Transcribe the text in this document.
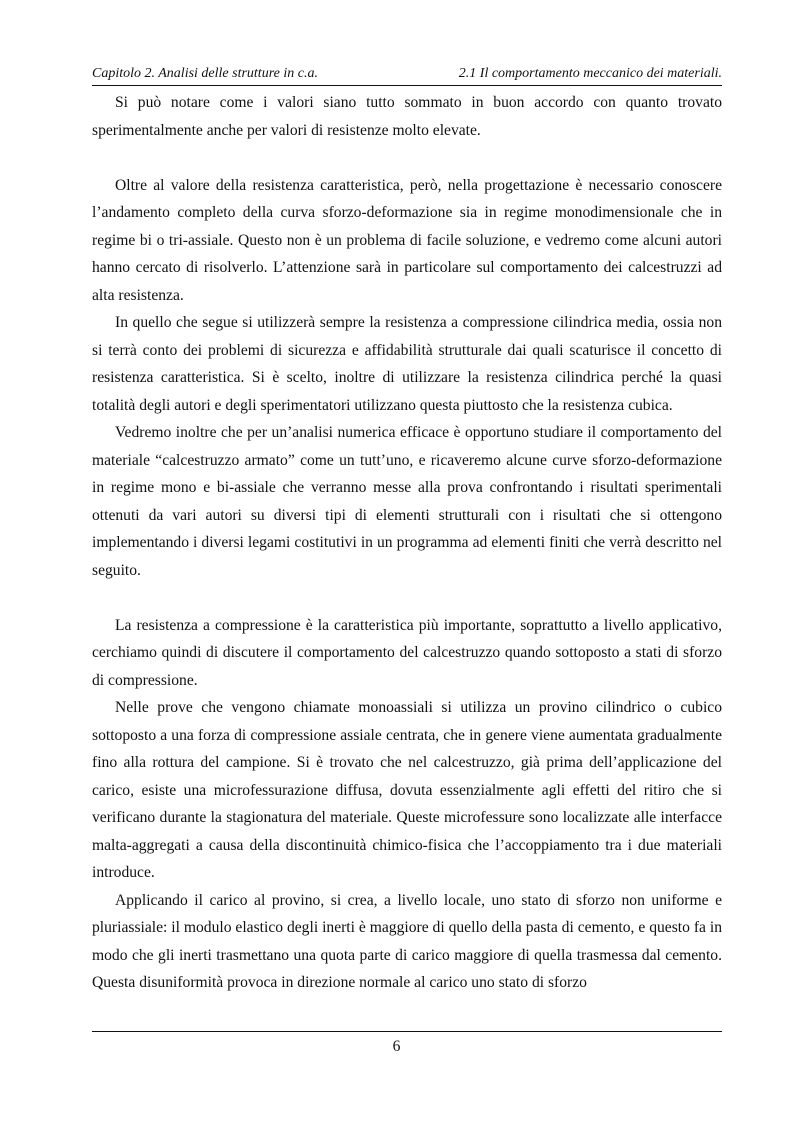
Capitolo 2. Analisi delle strutture in c.a.	2.1 Il comportamento meccanico dei materiali.

Si può notare come i valori siano tutto sommato in buon accordo con quanto trovato sperimentalmente anche per valori di resistenze molto elevate.

Oltre al valore della resistenza caratteristica, però, nella progettazione è necessario conoscere l’andamento completo della curva sforzo-deformazione sia in regime monodimensionale che in regime bi o tri-assiale. Questo non è un problema di facile soluzione, e vedremo come alcuni autori hanno cercato di risolverlo. L’attenzione sarà in particolare sul comportamento dei calcestruzzi ad alta resistenza.

In quello che segue si utilizzerà sempre la resistenza a compressione cilindrica media, ossia non si terrà conto dei problemi di sicurezza e affidabilità strutturale dai quali scaturisce il concetto di resistenza caratteristica. Si è scelto, inoltre di utilizzare la resistenza cilindrica perché la quasi totalità degli autori e degli sperimentatori utilizzano questa piuttosto che la resistenza cubica.

Vedremo inoltre che per un’analisi numerica efficace è opportuno studiare il comportamento del materiale “calcestruzzo armato” come un tutt’uno, e ricaveremo alcune curve sforzo-deformazione in regime mono e bi-assiale che verranno messe alla prova confrontando i risultati sperimentali ottenuti da vari autori su diversi tipi di elementi strutturali con i risultati che si ottengono implementando i diversi legami costitutivi in un programma ad elementi finiti che verrà descritto nel seguito.

La resistenza a compressione è la caratteristica più importante, soprattutto a livello applicativo, cerchiamo quindi di discutere il comportamento del calcestruzzo quando sottoposto a stati di sforzo di compressione.

Nelle prove che vengono chiamate monoassiali si utilizza un provino cilindrico o cubico sottoposto a una forza di compressione assiale centrata, che in genere viene aumentata gradualmente fino alla rottura del campione. Si è trovato che nel calcestruzzo, già prima dell’applicazione del carico, esiste una microfessurazione diffusa, dovuta essenzialmente agli effetti del ritiro che si verificano durante la stagionatura del materiale. Queste microfessure sono localizzate alle interfacce malta-aggregati a causa della discontinuità chimico-fisica che l’accoppiamento tra i due materiali introduce.

Applicando il carico al provino, si crea, a livello locale, uno stato di sforzo non uniforme e pluriassiale: il modulo elastico degli inerti è maggiore di quello della pasta di cemento, e questo fa in modo che gli inerti trasmettano una quota parte di carico maggiore di quella trasmessa dal cemento. Questa disuniformità provoca in direzione normale al carico uno stato di sforzo

6
